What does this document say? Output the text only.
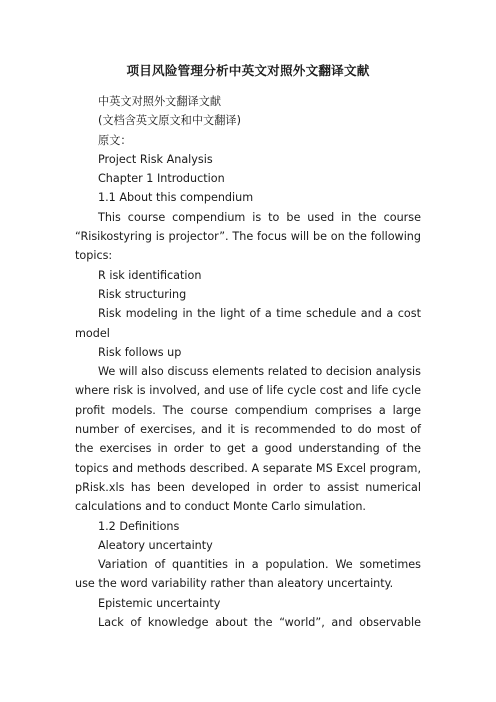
项目风险管理分析中英文对照外文翻译文献

中英文对照外文翻译文献

(文档含英文原文和中文翻译)

原文：

Project Risk Analysis

Chapter 1 Introduction

1.1 About this compendium

This course compendium is to be used in the course “Risikostyring is projector”. The focus will be on the following topics:

R isk identification

Risk structuring

Risk modeling in the light of a time schedule and a cost model

Risk follows up

We will also discuss elements related to decision analysis where risk is involved, and use of life cycle cost and life cycle profit models. The course compendium comprises a large number of exercises, and it is recommended to do most of the exercises in order to get a good understanding of the topics and methods described. A separate MS Excel program, pRisk.xls has been developed in order to assist numerical calculations and to conduct Monte Carlo simulation.

1.2 Definitions

Aleatory uncertainty

Variation of quantities in a population. We sometimes use the word variability rather than aleatory uncertainty.

Epistemic uncertainty

Lack of knowledge about the “world”, and observable
